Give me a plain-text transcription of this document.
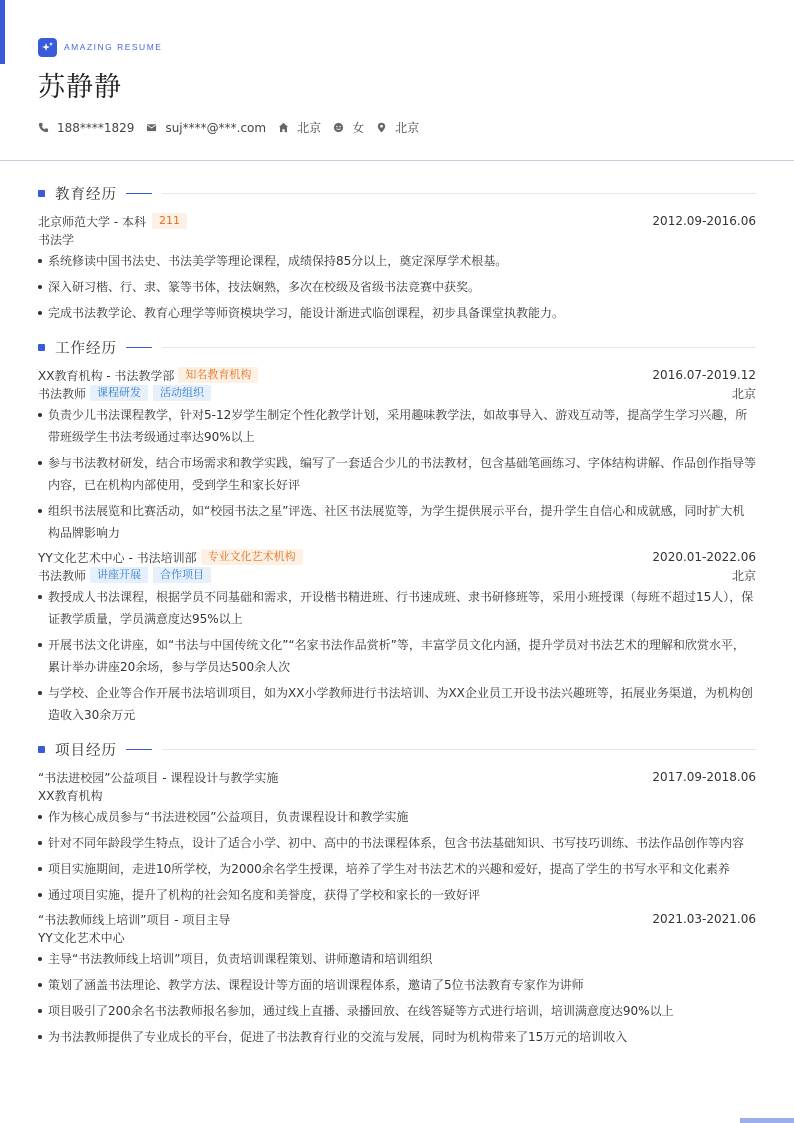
AMAZING RESUME
苏静静
188****1829	suj****@***.com	北京	女	北京
教育经历
北京师范大学 - 本科	211	2012.09-2016.06
书法学
系统修读中国书法史、书法美学等理论课程，成绩保持85分以上，奠定深厚学术根基。
深入研习楷、行、隶、篆等书体，技法娴熟，多次在校级及省级书法竞赛中获奖。
完成书法教学论、教育心理学等师资模块学习，能设计渐进式临创课程，初步具备课堂执教能力。
工作经历
XX教育机构 - 书法教学部	知名教育机构	2016.07-2019.12
书法教师	课程研发	活动组织	北京
负责少儿书法课程教学，针对5-12岁学生制定个性化教学计划，采用趣味教学法，如故事导入、游戏互动等，提高学生学习兴趣，所带班级学生书法考级通过率达90%以上
参与书法教材研发，结合市场需求和教学实践，编写了一套适合少儿的书法教材，包含基础笔画练习、字体结构讲解、作品创作指导等内容，已在机构内部使用，受到学生和家长好评
组织书法展览和比赛活动，如“校园书法之星”评选、社区书法展览等，为学生提供展示平台，提升学生自信心和成就感，同时扩大机构品牌影响力
YY文化艺术中心 - 书法培训部	专业文化艺术机构	2020.01-2022.06
书法教师	讲座开展	合作项目	北京
教授成人书法课程，根据学员不同基础和需求，开设楷书精进班、行书速成班、隶书研修班等，采用小班授课（每班不超过15人），保证教学质量，学员满意度达95%以上
开展书法文化讲座，如“书法与中国传统文化”“名家书法作品赏析”等，丰富学员文化内涵，提升学员对书法艺术的理解和欣赏水平，累计举办讲座20余场，参与学员达500余人次
与学校、企业等合作开展书法培训项目，如为XX小学教师进行书法培训、为XX企业员工开设书法兴趣班等，拓展业务渠道，为机构创造收入30余万元
项目经历
“书法进校园”公益项目 - 课程设计与教学实施	2017.09-2018.06
XX教育机构
作为核心成员参与“书法进校园”公益项目，负责课程设计和教学实施
针对不同年龄段学生特点，设计了适合小学、初中、高中的书法课程体系，包含书法基础知识、书写技巧训练、书法作品创作等内容
项目实施期间，走进10所学校，为2000余名学生授课，培养了学生对书法艺术的兴趣和爱好，提高了学生的书写水平和文化素养
通过项目实施，提升了机构的社会知名度和美誉度，获得了学校和家长的一致好评
“书法教师线上培训”项目 - 项目主导	2021.03-2021.06
YY文化艺术中心
主导“书法教师线上培训”项目，负责培训课程策划、讲师邀请和培训组织
策划了涵盖书法理论、教学方法、课程设计等方面的培训课程体系，邀请了5位书法教育专家作为讲师
项目吸引了200余名书法教师报名参加，通过线上直播、录播回放、在线答疑等方式进行培训，培训满意度达90%以上
为书法教师提供了专业成长的平台，促进了书法教育行业的交流与发展，同时为机构带来了15万元的培训收入
